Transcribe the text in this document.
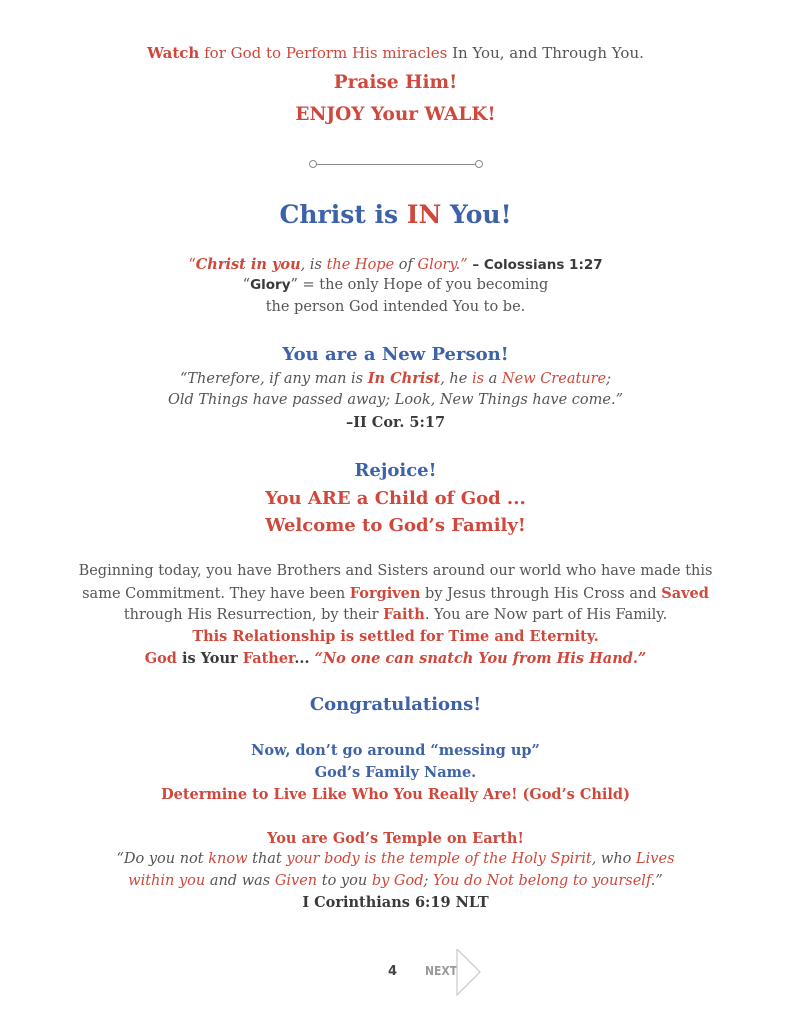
Watch for God to Perform His miracles In You, and Through You.
Praise Him!
ENJOY Your WALK!
Christ is IN You!
“Christ in you, is the Hope of Glory.” – Colossians 1:27
“Glory” = the only Hope of you becoming
the person God intended You to be.
You are a New Person!
“Therefore, if any man is In Christ, he is a New Creature;
Old Things have passed away; Look, New Things have come.”
–II Cor. 5:17
Rejoice!
You ARE a Child of God ...
Welcome to God’s Family!
Beginning today, you have Brothers and Sisters around our world who have made this
same Commitment. They have been Forgiven by Jesus through His Cross and Saved
through His Resurrection, by their Faith. You are Now part of His Family.
This Relationship is settled for Time and Eternity.
God is Your Father... “No one can snatch You from His Hand.”
Congratulations!
Now, don’t go around “messing up”
God’s Family Name.
Determine to Live Like Who You Really Are! (God’s Child)
You are God’s Temple on Earth!
“Do you not know that your body is the temple of the Holy Spirit, who Lives
within you and was Given to you by God; You do Not belong to yourself.”
I Corinthians 6:19 NLT
4 NEXT
